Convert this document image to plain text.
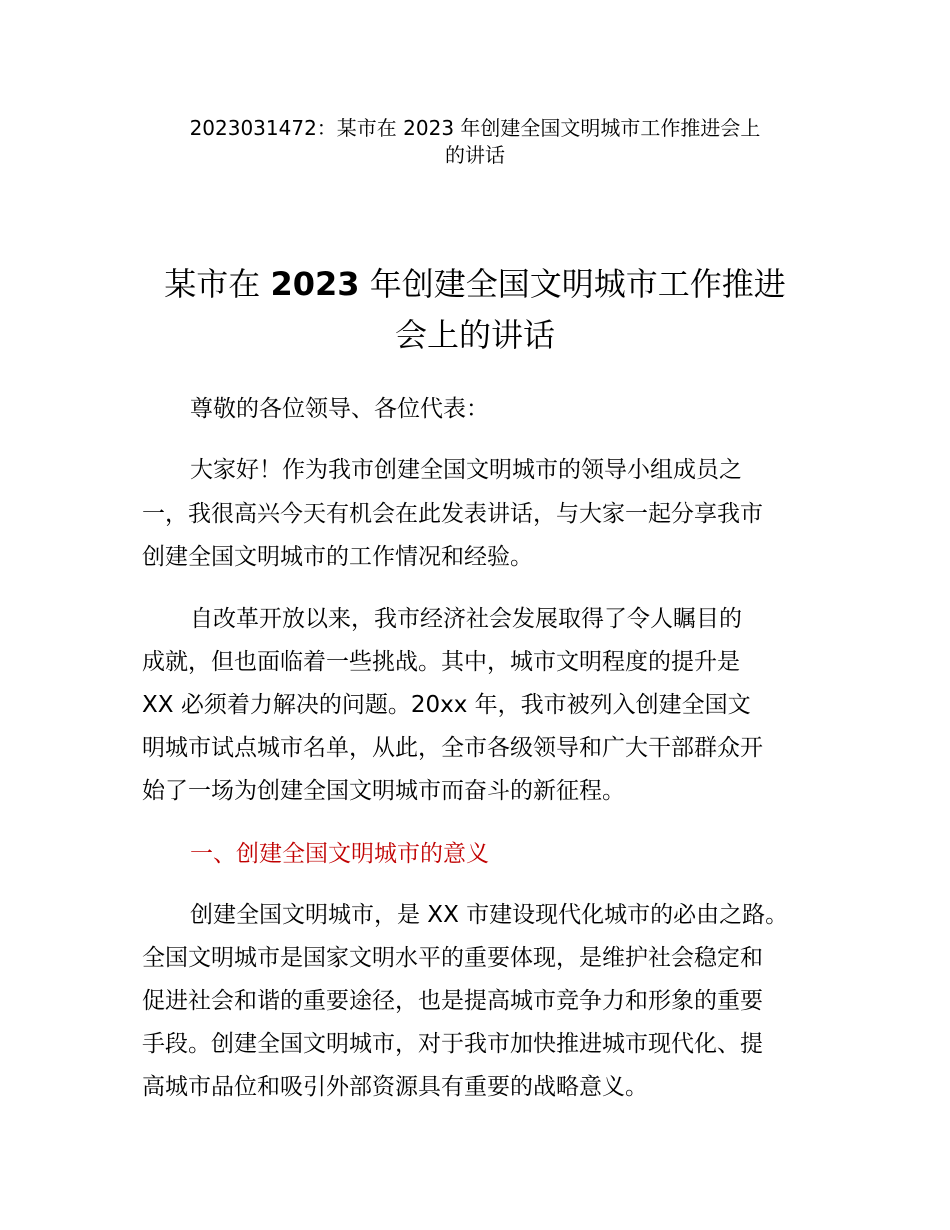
2023031472：某市在 2023 年创建全国文明城市工作推进会上
的讲话
某市在 2023 年创建全国文明城市工作推进
会上的讲话
尊敬的各位领导、各位代表：
大家好！作为我市创建全国文明城市的领导小组成员之
一，我很高兴今天有机会在此发表讲话，与大家一起分享我市
创建全国文明城市的工作情况和经验。
自改革开放以来，我市经济社会发展取得了令人瞩目的
成就，但也面临着一些挑战。其中，城市文明程度的提升是
XX 必须着力解决的问题。20xx 年，我市被列入创建全国文
明城市试点城市名单，从此，全市各级领导和广大干部群众开
始了一场为创建全国文明城市而奋斗的新征程。
一、创建全国文明城市的意义
创建全国文明城市，是 XX 市建设现代化城市的必由之路。
全国文明城市是国家文明水平的重要体现，是维护社会稳定和
促进社会和谐的重要途径，也是提高城市竞争力和形象的重要
手段。创建全国文明城市，对于我市加快推进城市现代化、提
高城市品位和吸引外部资源具有重要的战略意义。
